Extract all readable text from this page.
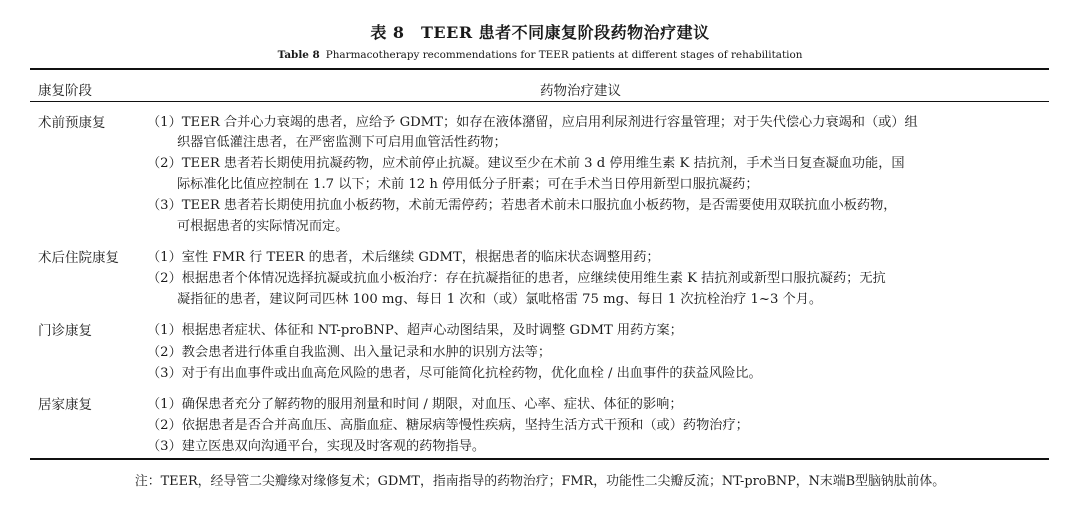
表 8　TEER 患者不同康复阶段药物治疗建议
Table 8 Pharmacotherapy recommendations for TEER patients at different stages of rehabilitation
康复阶段	药物治疗建议
术前预康复	（1）TEER 合并心力衰竭的患者，应给予 GDMT；如存在液体潴留，应启用利尿剂进行容量管理；对于失代偿心力衰竭和（或）组
织器官低灌注患者，在严密监测下可启用血管活性药物；
（2）TEER 患者若长期使用抗凝药物，应术前停止抗凝。建议至少在术前 3 d 停用维生素 K 拮抗剂，手术当日复查凝血功能，国
际标准化比值应控制在 1.7 以下；术前 12 h 停用低分子肝素；可在手术当日停用新型口服抗凝药；
（3）TEER 患者若长期使用抗血小板药物，术前无需停药；若患者术前未口服抗血小板药物，是否需要使用双联抗血小板药物，
可根据患者的实际情况而定。
术后住院康复 （1）室性 FMR 行 TEER 的患者，术后继续 GDMT，根据患者的临床状态调整用药；
（2）根据患者个体情况选择抗凝或抗血小板治疗：存在抗凝指征的患者，应继续使用维生素 K 拮抗剂或新型口服抗凝药；无抗
凝指征的患者，建议阿司匹林 100 mg、每日 1 次和（或）氯吡格雷 75 mg、每日 1 次抗栓治疗 1~3 个月。
门诊康复	（1）根据患者症状、体征和 NT-proBNP、超声心动图结果，及时调整 GDMT 用药方案；
（2）教会患者进行体重自我监测、出入量记录和水肿的识别方法等；
（3）对于有出血事件或出血高危风险的患者，尽可能简化抗栓药物，优化血栓 / 出血事件的获益风险比。
居家康复	（1）确保患者充分了解药物的服用剂量和时间 / 期限，对血压、心率、症状、体征的影响；
（2）依据患者是否合并高血压、高脂血症、糖尿病等慢性疾病，坚持生活方式干预和（或）药物治疗；
（3）建立医患双向沟通平台，实现及时客观的药物指导。
注：TEER，经导管二尖瓣缘对缘修复术；GDMT，指南指导的药物治疗；FMR，功能性二尖瓣反流；NT-proBNP，N末端B型脑钠肽前体。
